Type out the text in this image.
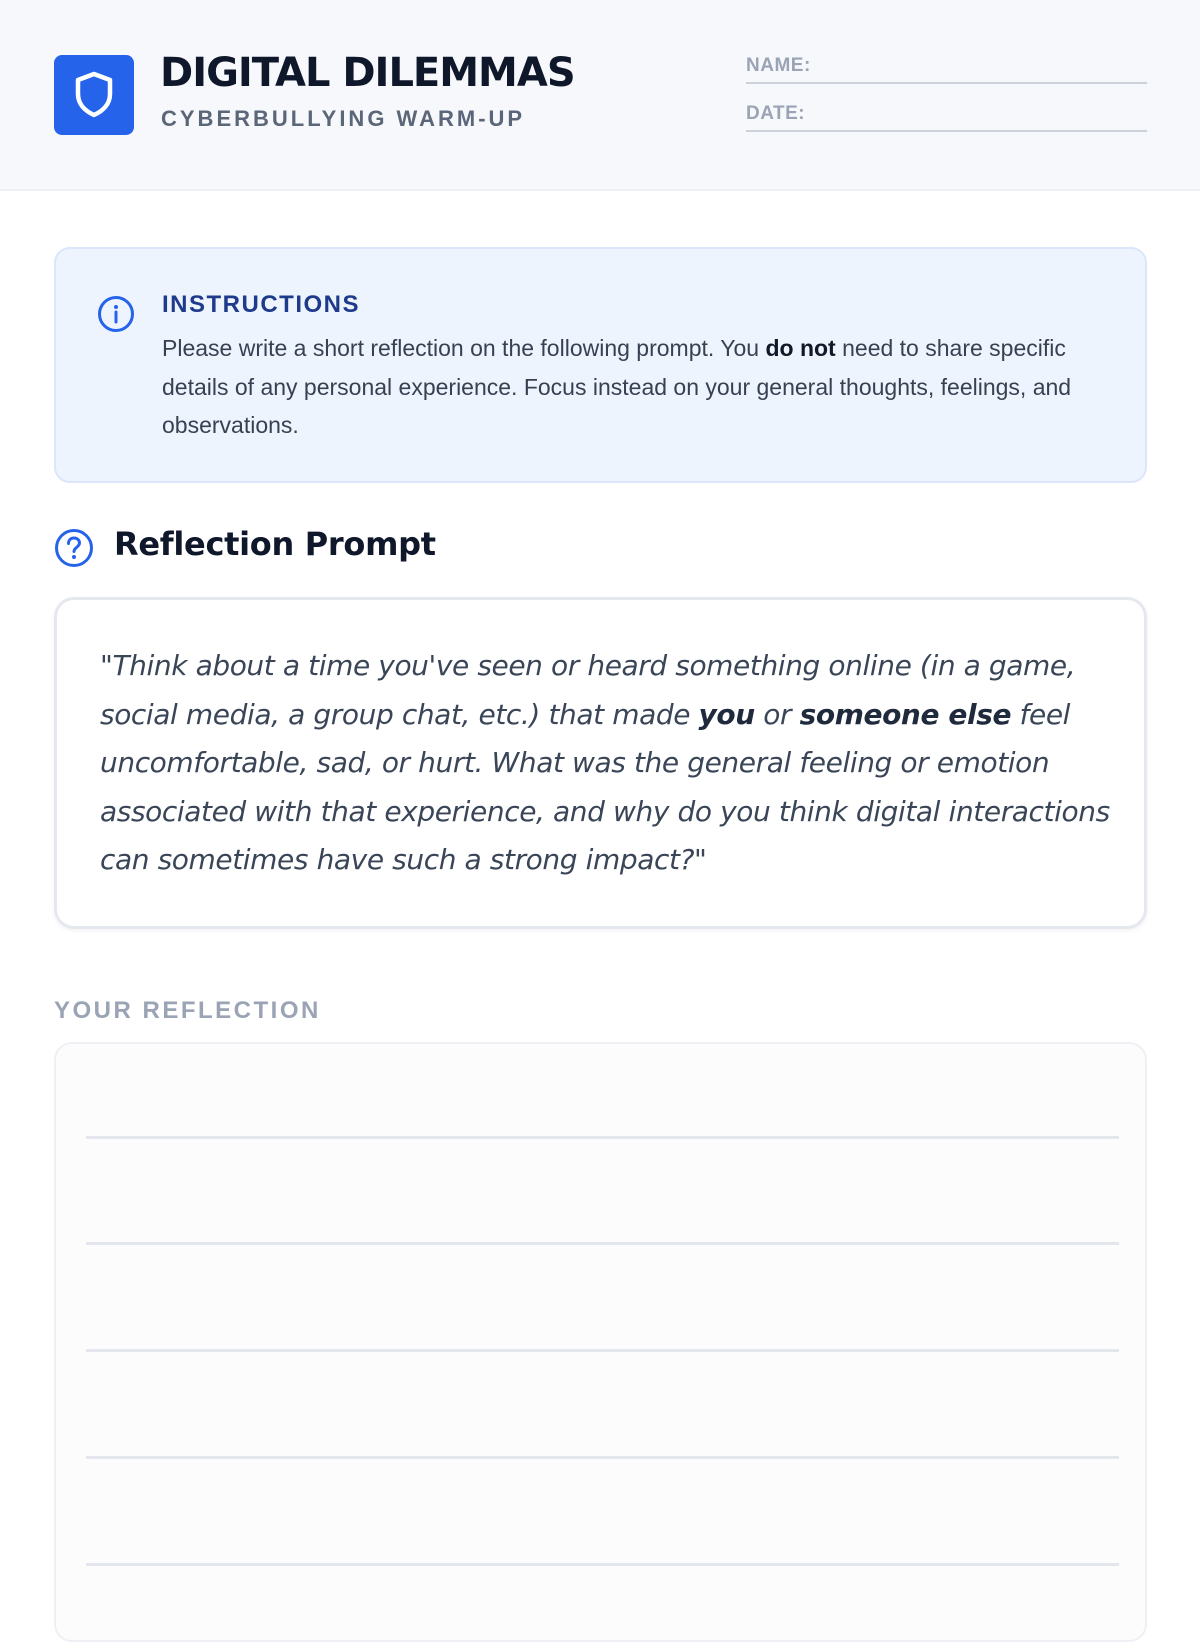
DIGITAL DILEMMAS
CYBERBULLYING WARM-UP
NAME:
DATE:
INSTRUCTIONS
Please write a short reflection on the following prompt. You do not need to share specific details of any personal experience. Focus instead on your general thoughts, feelings, and observations.
Reflection Prompt
"Think about a time you've seen or heard something online (in a game, social media, a group chat, etc.) that made you or someone else feel uncomfortable, sad, or hurt. What was the general feeling or emotion associated with that experience, and why do you think digital interactions can sometimes have such a strong impact?"
YOUR REFLECTION
